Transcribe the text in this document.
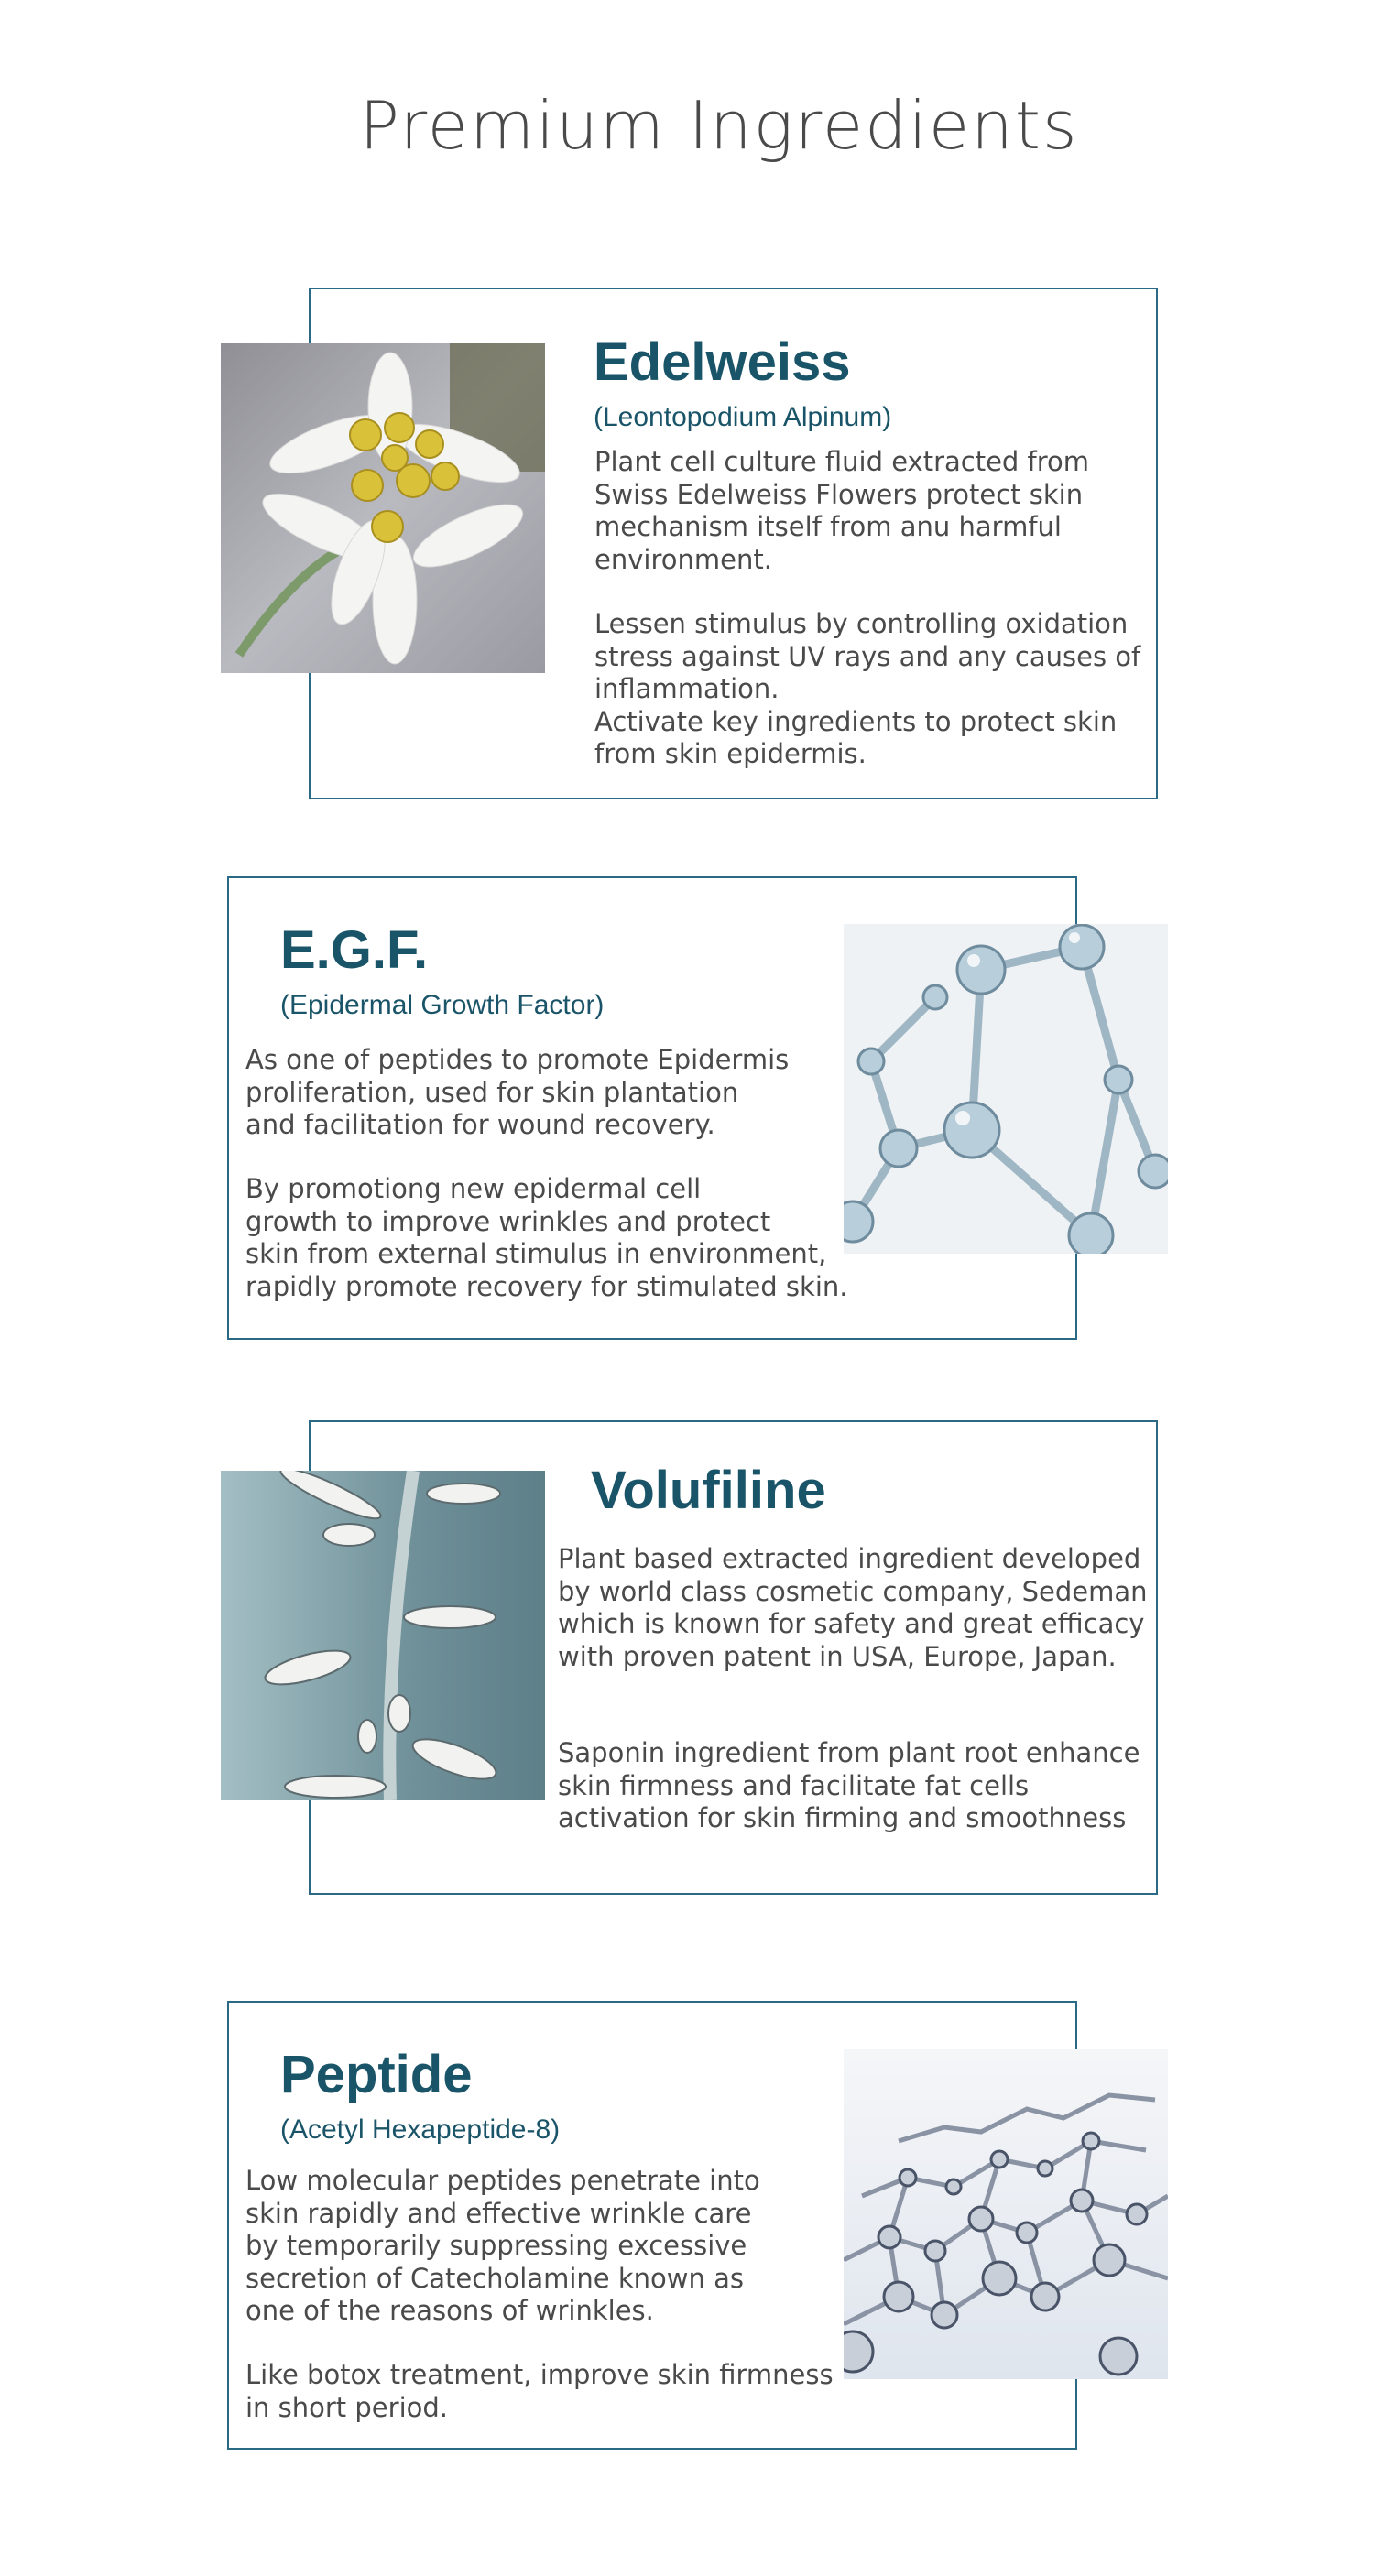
Premium Ingredients
Edelweiss
(Leontopodium Alpinum)

Plant cell culture fluid extracted from
Swiss Edelweiss Flowers protect skin
mechanism itself from anu harmful
environment.

Lessen stimulus by controlling oxidation
stress against UV rays and any causes of
inflammation.
Activate key ingredients to protect skin
from skin epidermis.

E.G.F.
(Epidermal Growth Factor)

As one of peptides to promote Epidermis
proliferation, used for skin plantation
and facilitation for wound recovery.

By promotiong new epidermal cell
growth to improve wrinkles and protect
skin from external stimulus in environment,
rapidly promote recovery for stimulated skin.

Volufiline

Plant based extracted ingredient developed
by world class cosmetic company, Sedeman
which is known for safety and great efficacy
with proven patent in USA, Europe, Japan.

Saponin ingredient from plant root enhance
skin firmness and facilitate fat cells
activation for skin firming and smoothness

Peptide
(Acetyl Hexapeptide-8)

Low molecular peptides penetrate into
skin rapidly and effective wrinkle care
by temporarily suppressing excessive
secretion of Catecholamine known as
one of the reasons of wrinkles.

Like botox treatment, improve skin firmness
in short period.
